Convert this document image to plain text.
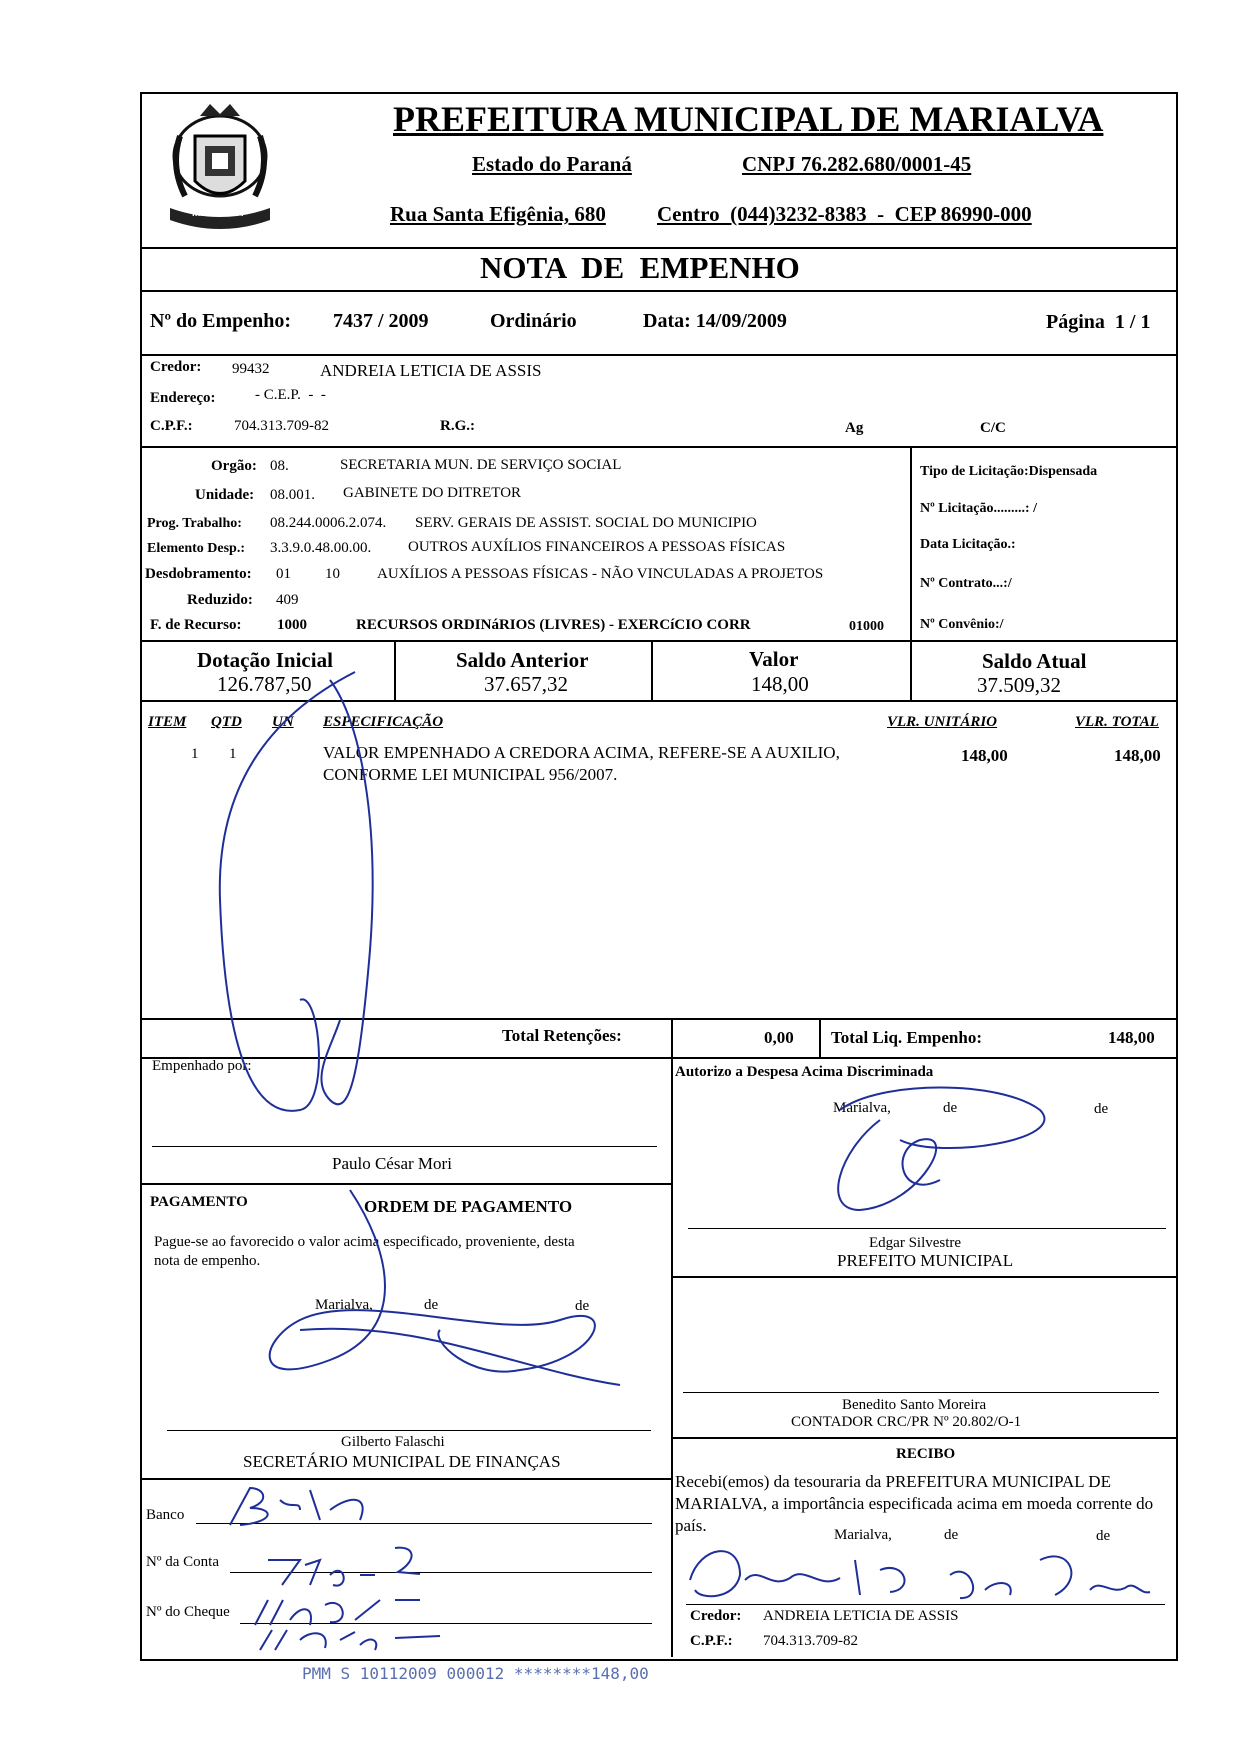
MARIALVA
PREFEITURA MUNICIPAL DE MARIALVA
Estado do Paraná	CNPJ 76.282.680/0001-45
Rua Santa Efigênia, 680 Centro  (044)3232-8383  -  CEP 86990-000
NOTA  DE  EMPENHO
Nº do Empenho: 7437 / 2009	Ordinário	Data: 14/09/2009	Página  1 / 1
Credor: 99432	ANDREIA LETICIA DE ASSIS
Endereço:	- C.E.P.  -  -
C.P.F.:	704.313.709-82	R.G.:	Ag	C/C
Orgão: 08.	SECRETARIA MUN. DE SERVIÇO SOCIAL
Unidade: 08.001. GABINETE DO DITRETOR
Prog. Trabalho: 08.244.0006.2.074. SERV. GERAIS DE ASSIST. SOCIAL DO MUNICIPIO
Elemento Desp.: 3.3.9.0.48.00.00. OUTROS AUXÍLIOS FINANCEIROS A PESSOAS FÍSICAS
Desdobramento: 01 10 AUXÍLIOS A PESSOAS FÍSICAS - NÃO VINCULADAS A PROJETOS
Reduzido: 409
F. de Recurso: 1000	RECURSOS ORDINáRIOS (LIVRES) - EXERCíCIO CORR	01000
Tipo de Licitação:Dispensada
Nº Licitação.........: /
Data Licitação.:
Nº Contrato...:/
Nº Convênio:/
Dotação Inicial
126.787,50
Saldo Anterior
37.657,32
Valor
148,00
Saldo Atual
37.509,32
ITEM QTD UN ESPECIFICAÇÃO	VLR. UNITÁRIO	VLR. TOTAL
1 1	VALOR EMPENHADO A CREDORA ACIMA, REFERE-SE A AUXILIO,
CONFORME LEI MUNICIPAL 956/2007.
148,00	148,00
Total Retenções:	0,00 Total Liq. Empenho:	148,00
Empenhado por:
Paulo César Mori
Autorizo a Despesa Acima Discriminada
Marialva,	de	de
Edgar Silvestre
PREFEITO MUNICIPAL
PAGAMENTO	ORDEM DE PAGAMENTO
Pague-se ao favorecido o valor acima especificado, proveniente, desta
nota de empenho.
Marialva,	de	de
Gilberto Falaschi
SECRETÁRIO MUNICIPAL DE FINANÇAS
Benedito Santo Moreira
CONTADOR CRC/PR Nº 20.802/O-1
Banco
Nº da Conta
Nº do Cheque
RECIBO
Recebi(emos) da tesouraria da PREFEITURA MUNICIPAL DE
MARIALVA, a importância especificada acima em moeda corrente do
país.	Marialva,	de	de
Credor: ANDREIA LETICIA DE ASSIS
C.P.F.: 704.313.709-82
PMM S 10112009 000012 ********148,00
